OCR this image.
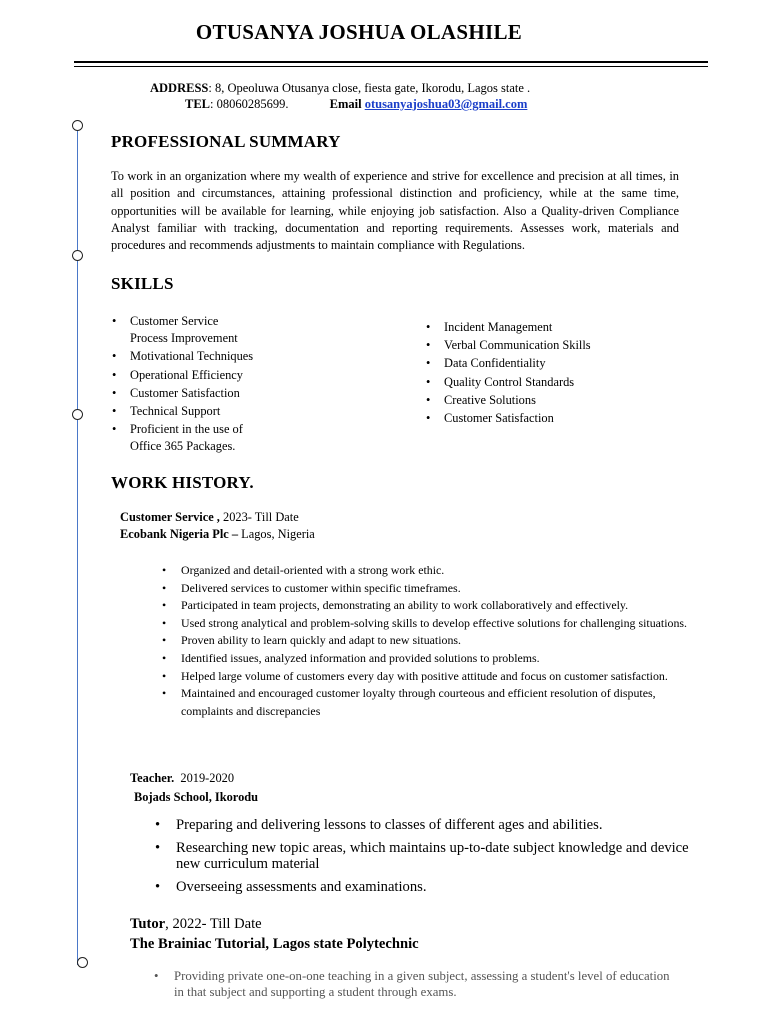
OTUSANYA JOSHUA OLASHILE
ADDRESS: 8, Opeoluwa Otusanya close, fiesta gate, Ikorodu, Lagos state .
TEL: 08060285699.	Email otusanyajoshua03@gmail.com
PROFESSIONAL SUMMARY

To work in an organization where my wealth of experience and strive for excellence and precision at all times, in all position and circumstances, attaining professional distinction and proficiency, while at the same time, opportunities will be available for learning, while enjoying job satisfaction. Also a Quality-driven Compliance Analyst familiar with tracking, documentation and reporting requirements. Assesses work, materials and procedures and recommends adjustments to maintain compliance with Regulations.

SKILLS
• Customer Service
Process Improvement
• Motivational Techniques
• Operational Efficiency
• Customer Satisfaction
• Technical Support
• Proficient in the use of
Office 365 Packages.
• Incident Management
• Verbal Communication Skills
• Data Confidentiality
• Quality Control Standards
• Creative Solutions
• Customer Satisfaction
WORK HISTORY.
Customer Service , 2023- Till Date
Ecobank Nigeria Plc – Lagos, Nigeria
• Organized and detail-oriented with a strong work ethic.
• Delivered services to customer within specific timeframes.
• Participated in team projects, demonstrating an ability to work collaboratively and effectively.
• Used strong analytical and problem-solving skills to develop effective solutions for challenging situations.
• Proven ability to learn quickly and adapt to new situations.
• Identified issues, analyzed information and provided solutions to problems.
• Helped large volume of customers every day with positive attitude and focus on customer satisfaction.
• Maintained and encouraged customer loyalty through courteous and efficient resolution of disputes, complaints and discrepancies
Teacher. 2019-2020
Bojads School, Ikorodu
• Preparing and delivering lessons to classes of different ages and abilities.
• Researching new topic areas, which maintains up-to-date subject knowledge and device new curriculum material
• Overseeing assessments and examinations.
Tutor, 2022- Till Date
The Brainiac Tutorial, Lagos state Polytechnic
• Providing private one-on-one teaching in a given subject, assessing a student's level of education in that subject and supporting a student through exams.
